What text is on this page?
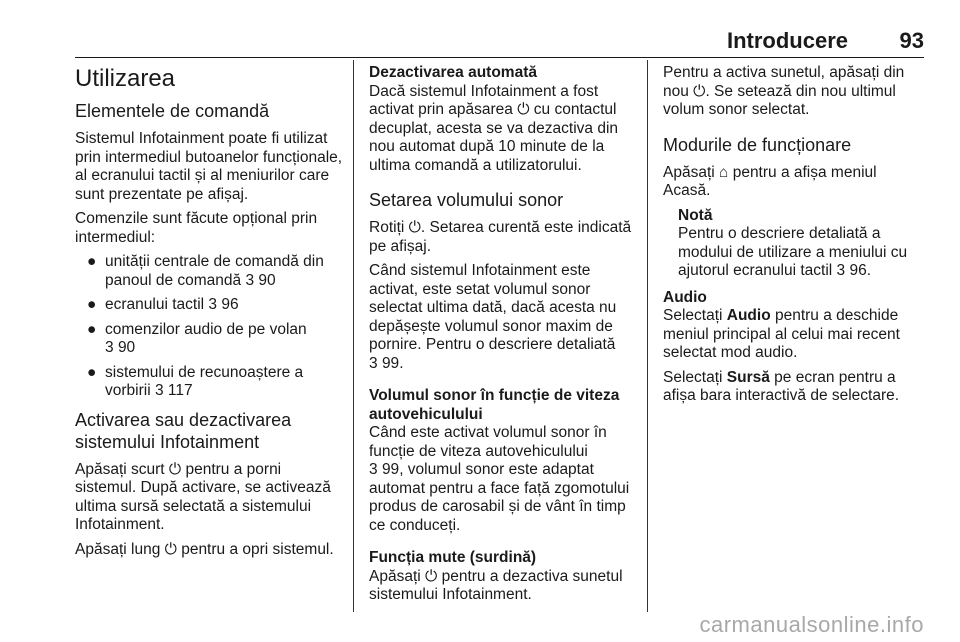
Introducere 93
Utilizarea
Elementele de comandă

Sistemul Infotainment poate fi utilizat prin intermediul butoanelor funcționale, al ecranului tactil și al meniurilor care sunt prezentate pe afișaj.

Comenzile sunt făcute opțional prin intermediul:

● unității centrale de comandă din panoul de comandă 3 90
● ecranului tactil 3 96
● comenzilor audio de pe volan
3 90
● sistemului de recunoaștere a vorbirii 3 117
Activarea sau dezactivarea sistemului Infotainment

Apăsați scurt ⏻ pentru a porni sistemul. După activare, se activează ultima sursă selectată a sistemului Infotainment.

Apăsați lung ⏻ pentru a opri sistemul.

Dezactivarea automată

Dacă sistemul Infotainment a fost activat prin apăsarea ⏻ cu contactul decuplat, acesta se va dezactiva din nou automat după 10 minute de la ultima comandă a utilizatorului.

Setarea volumului sonor

Rotiți ⏻. Setarea curentă este indicată pe afișaj.

Când sistemul Infotainment este activat, este setat volumul sonor selectat ultima dată, dacă acesta nu depășește volumul sonor maxim de pornire. Pentru o descriere detaliată
3 99.

Volumul sonor în funcție de viteza autovehiculului

Când este activat volumul sonor în funcție de viteza autovehiculului
3 99, volumul sonor este adaptat automat pentru a face față zgomotului produs de carosabil și de vânt în timp ce conduceți.

Funcția mute (surdină)

Apăsați ⏻ pentru a dezactiva sunetul sistemului Infotainment.

Pentru a activa sunetul, apăsați din nou ⏻. Se setează din nou ultimul volum sonor selectat.

Modurile de funcționare

Apăsați ⌂ pentru a afișa meniul Acasă.

Notă
Pentru o descriere detaliată a modului de utilizare a meniului cu ajutorul ecranului tactil 3 96.
Audio

Selectați Audio pentru a deschide meniul principal al celui mai recent selectat mod audio.

Selectați Sursă pe ecran pentru a afișa bara interactivă de selectare.

carmanualsonline.info
